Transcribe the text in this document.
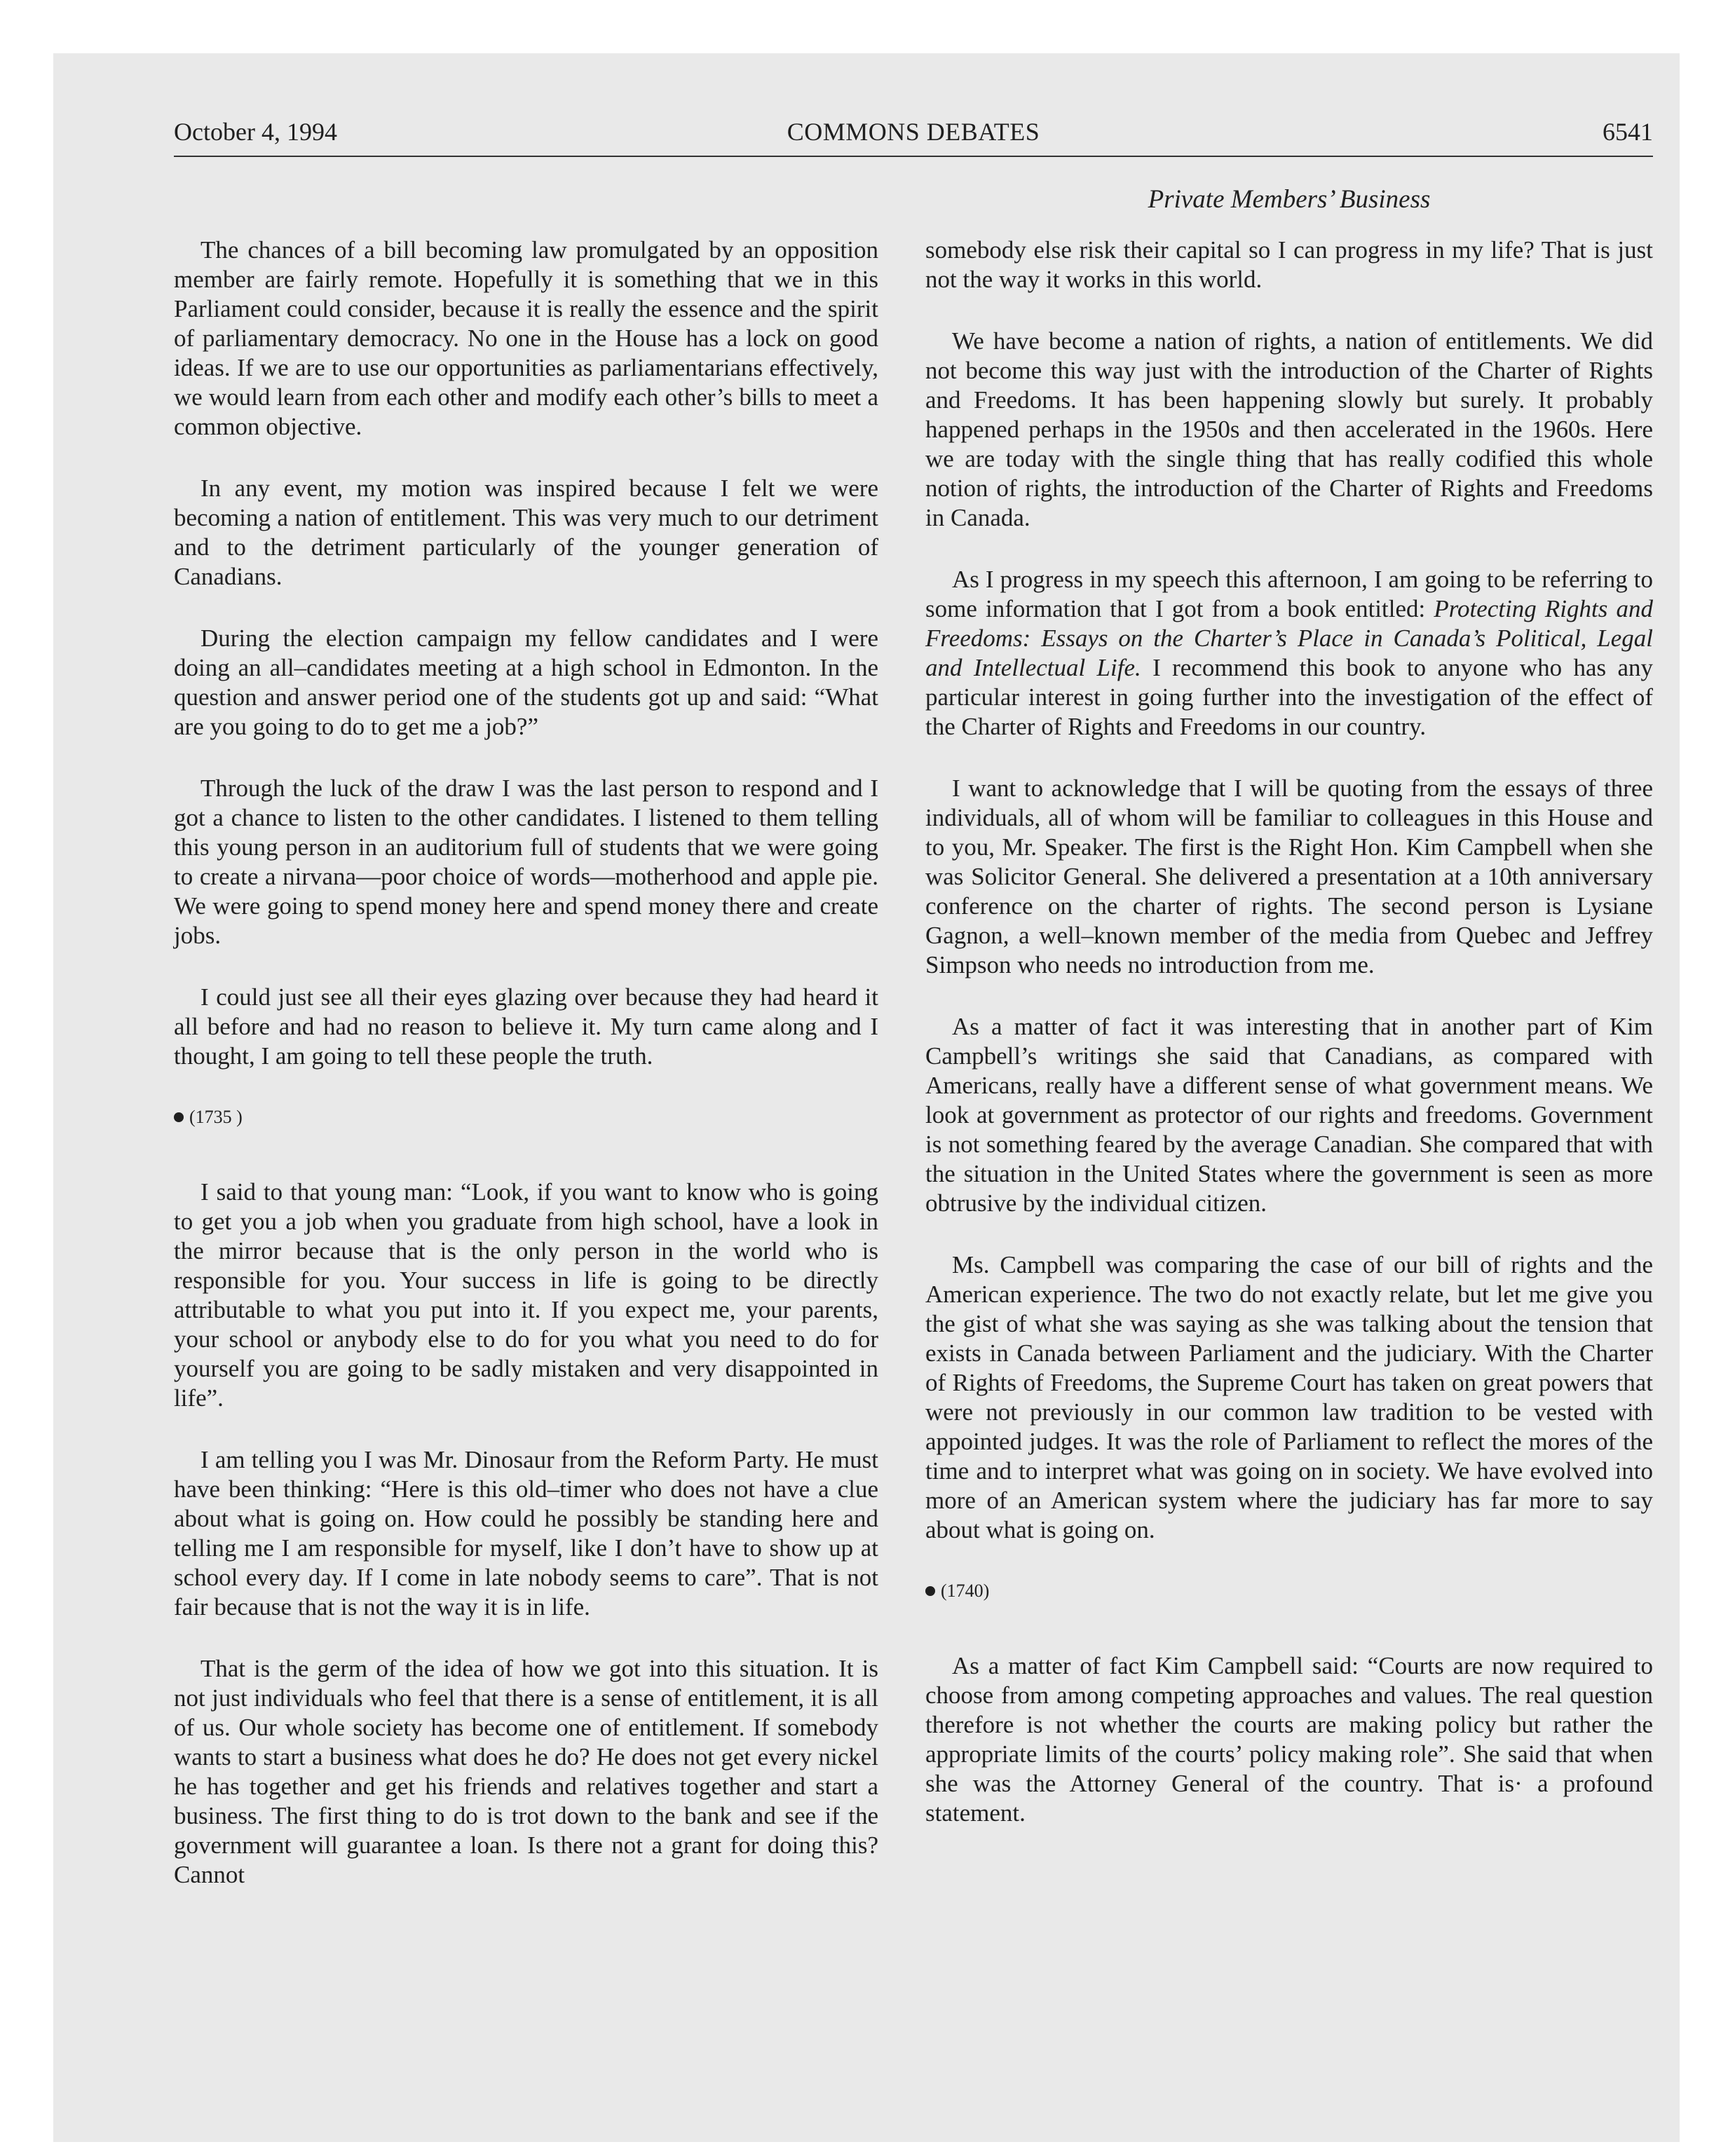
October 4, 1994	COMMONS DEBATES	6541
Private Members’ Business

The chances of a bill becoming law promulgated by an opposition member are fairly remote. Hopefully it is something that we in this Parliament could consider, because it is really the essence and the spirit of parliamentary democracy. No one in the House has a lock on good ideas. If we are to use our opportunities as parliamentarians effectively, we would learn from each other and modify each other’s bills to meet a common objective.

In any event, my motion was inspired because I felt we were becoming a nation of entitlement. This was very much to our detriment and to the detriment particularly of the younger generation of Canadians.

During the election campaign my fellow candidates and I were doing an all–candidates meeting at a high school in Edmonton. In the question and answer period one of the students got up and said: “What are you going to do to get me a job?”

Through the luck of the draw I was the last person to respond and I got a chance to listen to the other candidates. I listened to them telling this young person in an auditorium full of students that we were going to create a nirvana—poor choice of words—motherhood and apple pie. We were going to spend money here and spend money there and create jobs.

I could just see all their eyes glazing over because they had heard it all before and had no reason to believe it. My turn came along and I thought, I am going to tell these people the truth.

(1735 )

I said to that young man: “Look, if you want to know who is going to get you a job when you graduate from high school, have a look in the mirror because that is the only person in the world who is responsible for you. Your success in life is going to be directly attributable to what you put into it. If you expect me, your parents, your school or anybody else to do for you what you need to do for yourself you are going to be sadly mistaken and very disappointed in life”.

I am telling you I was Mr. Dinosaur from the Reform Party. He must have been thinking: “Here is this old–timer who does not have a clue about what is going on. How could he possibly be standing here and telling me I am responsible for myself, like I don’t have to show up at school every day. If I come in late nobody seems to care”. That is not fair because that is not the way it is in life.

That is the germ of the idea of how we got into this situation. It is not just individuals who feel that there is a sense of entitlement, it is all of us. Our whole society has become one of entitlement. If somebody wants to start a business what does he do? He does not get every nickel he has together and get his friends and relatives together and start a business. The first thing to do is trot down to the bank and see if the government will guarantee a loan. Is there not a grant for doing this? Cannot

somebody else risk their capital so I can progress in my life? That is just not the way it works in this world.

We have become a nation of rights, a nation of entitlements. We did not become this way just with the introduction of the Charter of Rights and Freedoms. It has been happening slowly but surely. It probably happened perhaps in the 1950s and then accelerated in the 1960s. Here we are today with the single thing that has really codified this whole notion of rights, the introduction of the Charter of Rights and Freedoms in Canada.

As I progress in my speech this afternoon, I am going to be referring to some information that I got from a book entitled: Protecting Rights and Freedoms: Essays on the Charter’s Place in Canada’s Political, Legal and Intellectual Life. I recommend this book to anyone who has any particular interest in going further into the investigation of the effect of the Charter of Rights and Freedoms in our country.

I want to acknowledge that I will be quoting from the essays of three individuals, all of whom will be familiar to colleagues in this House and to you, Mr. Speaker. The first is the Right Hon. Kim Campbell when she was Solicitor General. She delivered a presentation at a 10th anniversary conference on the charter of rights. The second person is Lysiane Gagnon, a well–known member of the media from Quebec and Jeffrey Simpson who needs no introduction from me.

As a matter of fact it was interesting that in another part of Kim Campbell’s writings she said that Canadians, as compared with Americans, really have a different sense of what government means. We look at government as protector of our rights and freedoms. Government is not something feared by the average Canadian. She compared that with the situation in the United States where the government is seen as more obtrusive by the individual citizen.

Ms. Campbell was comparing the case of our bill of rights and the American experience. The two do not exactly relate, but let me give you the gist of what she was saying as she was talking about the tension that exists in Canada between Parliament and the judiciary. With the Charter of Rights of Freedoms, the Supreme Court has taken on great powers that were not previously in our common law tradition to be vested with appointed judges. It was the role of Parliament to reflect the mores of the time and to interpret what was going on in society. We have evolved into more of an American system where the judiciary has far more to say about what is going on.

(1740)

As a matter of fact Kim Campbell said: “Courts are now required to choose from among competing approaches and values. The real question therefore is not whether the courts are making policy but rather the appropriate limits of the courts’ policy making role”. She said that when she was the Attorney General of the country. That is· a profound statement.
